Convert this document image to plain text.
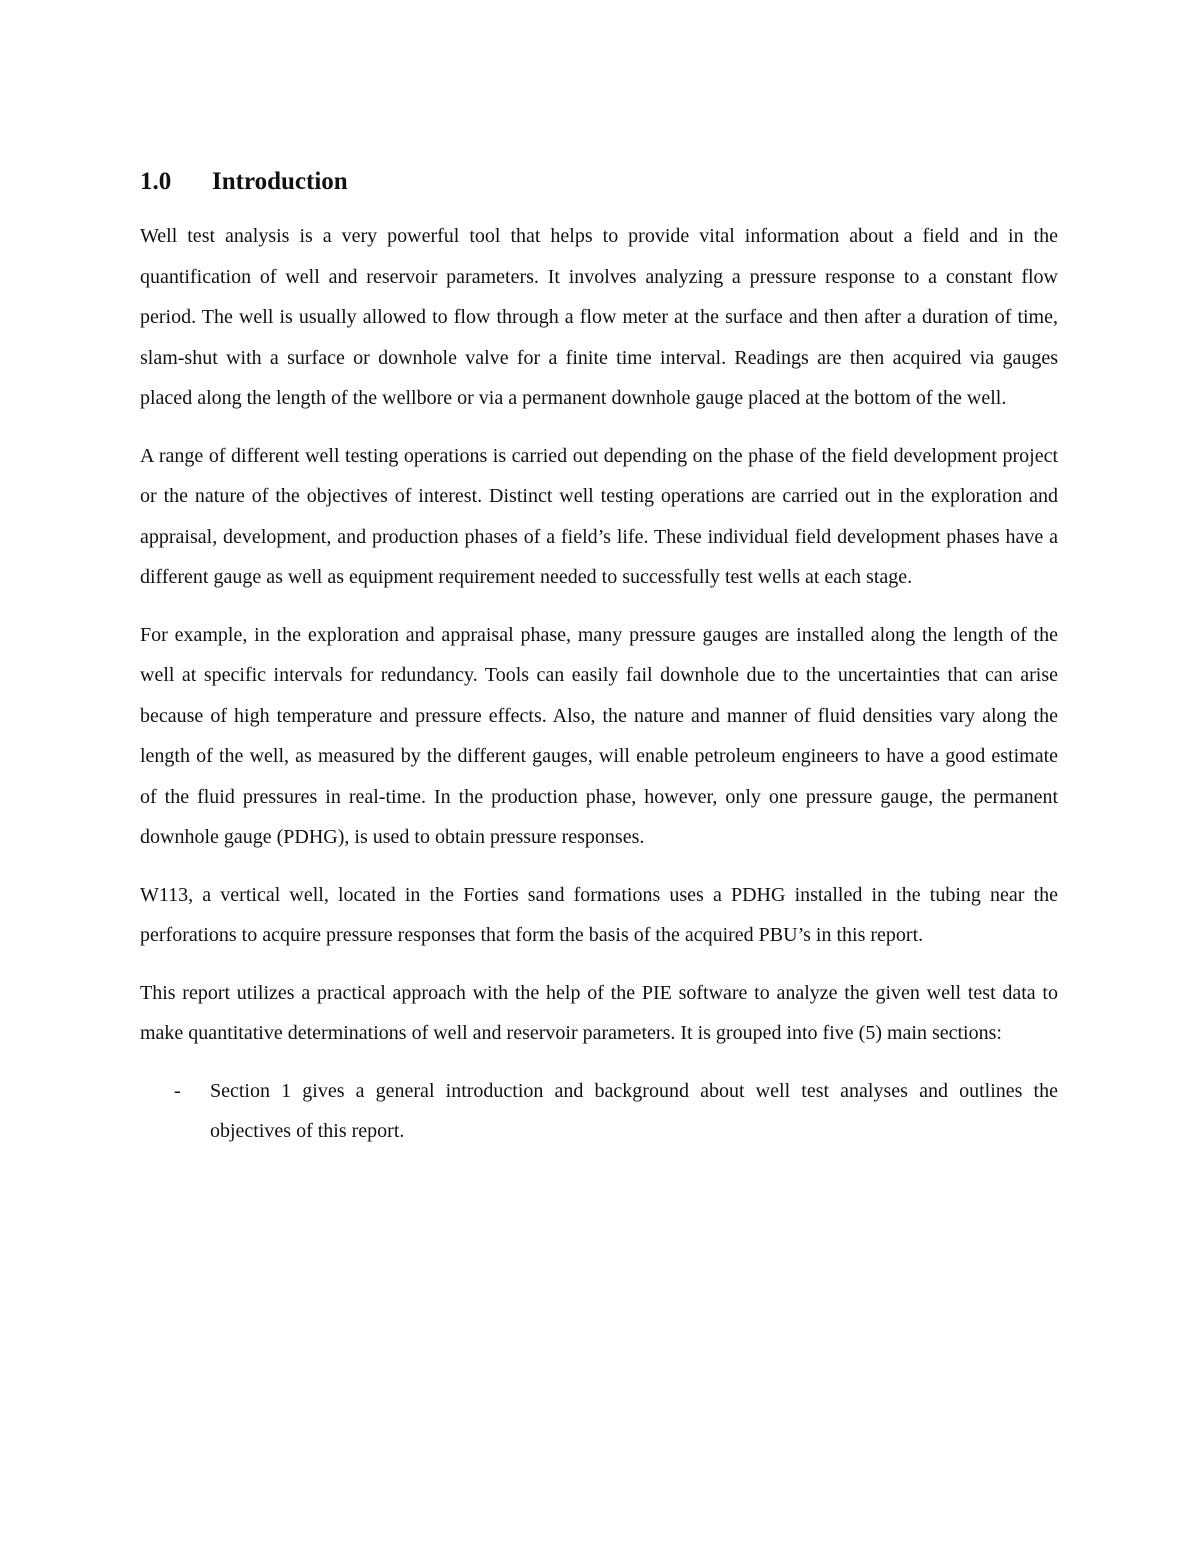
1.0	Introduction

Well test analysis is a very powerful tool that helps to provide vital information about a field and in the quantification of well and reservoir parameters. It involves analyzing a pressure response to a constant flow period. The well is usually allowed to flow through a flow meter at the surface and then after a duration of time, slam-shut with a surface or downhole valve for a finite time interval. Readings are then acquired via gauges placed along the length of the wellbore or via a permanent downhole gauge placed at the bottom of the well.

A range of different well testing operations is carried out depending on the phase of the field development project or the nature of the objectives of interest. Distinct well testing operations are carried out in the exploration and appraisal, development, and production phases of a field’s life. These individual field development phases have a different gauge as well as equipment requirement needed to successfully test wells at each stage.

For example, in the exploration and appraisal phase, many pressure gauges are installed along the length of the well at specific intervals for redundancy. Tools can easily fail downhole due to the uncertainties that can arise because of high temperature and pressure effects. Also, the nature and manner of fluid densities vary along the length of the well, as measured by the different gauges, will enable petroleum engineers to have a good estimate of the fluid pressures in real-time. In the production phase, however, only one pressure gauge, the permanent downhole gauge (PDHG), is used to obtain pressure responses.

W113, a vertical well, located in the Forties sand formations uses a PDHG installed in the tubing near the perforations to acquire pressure responses that form the basis of the acquired PBU’s in this report.

This report utilizes a practical approach with the help of the PIE software to analyze the given well test data to make quantitative determinations of well and reservoir parameters. It is grouped into five (5) main sections:

-	Section 1 gives a general introduction and background about well test analyses and outlines the objectives of this report.
